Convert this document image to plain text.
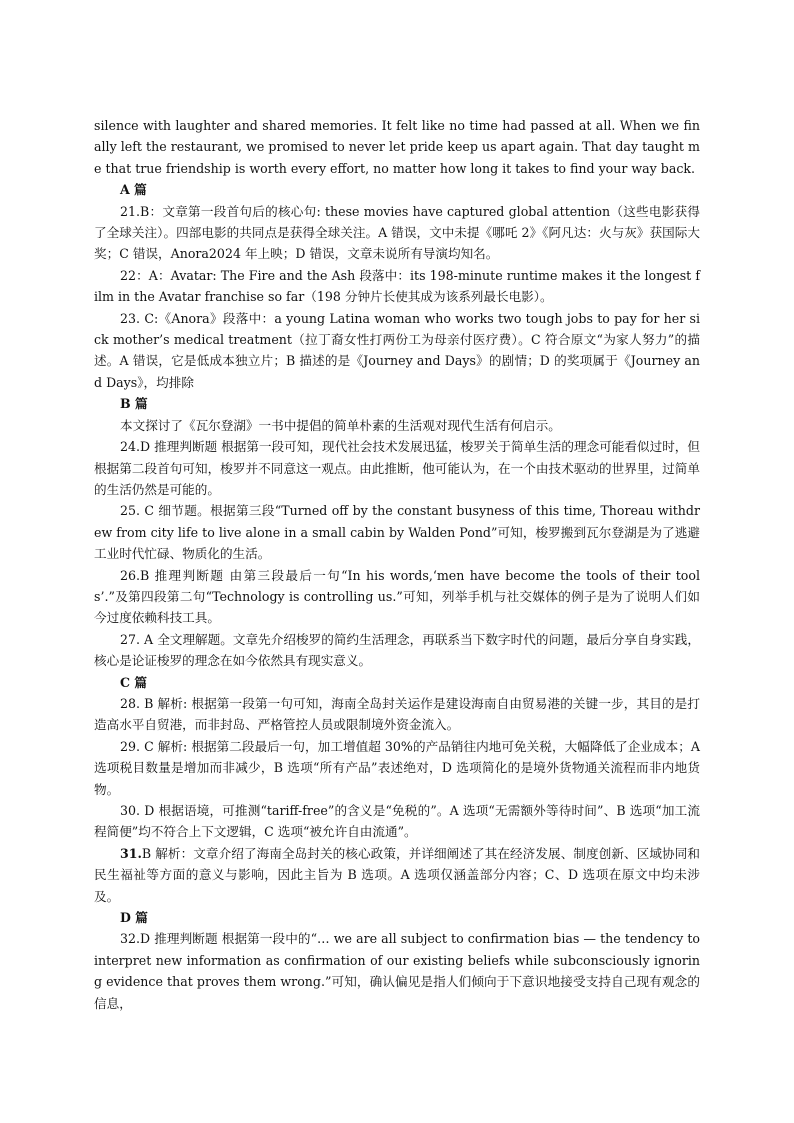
silence with laughter and shared memories. It felt like no time had passed at all. When we finally left the restaurant, we promised to never let pride keep us apart again. That day taught me that true friendship is worth every effort, no matter how long it takes to find your way back.

A 篇

21.B：文章第一段首句后的核心句: these movies have captured global attention（这些电影获得了全球关注）。四部电影的共同点是获得全球关注。A 错误，文中未提《哪吒 2》《阿凡达：火与灰》获国际大奖；C 错误，Anora2024 年上映；D 错误，文章未说所有导演均知名。

22：A：Avatar: The Fire and the Ash 段落中：its 198-minute runtime makes it the longest film in the Avatar franchise so far（198 分钟片长使其成为该系列最长电影）。

23. C:《Anora》段落中：a young Latina woman who works two tough jobs to pay for her sick mother’s medical treatment（拉丁裔女性打两份工为母亲付医疗费）。C 符合原文“为家人努力”的描述。A 错误，它是低成本独立片；B 描述的是《Journey and Days》的剧情；D 的奖项属于《Journey and Days》，均排除

B 篇

本文探讨了《瓦尔登湖》一书中提倡的简单朴素的生活观对现代生活有何启示。

24.D 推理判断题 根据第一段可知，现代社会技术发展迅猛，梭罗关于简单生活的理念可能看似过时，但根据第二段首句可知，梭罗并不同意这一观点。由此推断，他可能认为，在一个由技术驱动的世界里，过简单的生活仍然是可能的。

25. C 细节题。根据第三段“Turned off by the constant busyness of this time, Thoreau withdrew from city life to live alone in a small cabin by Walden Pond”可知，梭罗搬到瓦尔登湖是为了逃避工业时代忙碌、物质化的生活。

26.B 推理判断题 由第三段最后一句“In his words,‘men have become the tools of their tools’.”及第四段第二句“Technology is controlling us.”可知，列举手机与社交媒体的例子是为了说明人们如今过度依赖科技工具。

27. A 全文理解题。文章先介绍梭罗的简约生活理念，再联系当下数字时代的问题，最后分享自身实践，核心是论证梭罗的理念在如今依然具有现实意义。

C 篇

28. B 解析: 根据第一段第一句可知，海南全岛封关运作是建设海南自由贸易港的关键一步，其目的是打造高水平自贸港，而非封岛、严格管控人员或限制境外资金流入。

29. C 解析: 根据第二段最后一句，加工增值超 30%的产品销往内地可免关税，大幅降低了企业成本；A 选项税目数量是增加而非减少，B 选项“所有产品”表述绝对，D 选项简化的是境外货物通关流程而非内地货物。

30. D 根据语境，可推测“tariff-free”的含义是“免税的”。A 选项“无需额外等待时间”、B 选项“加工流程简便”均不符合上下文逻辑，C 选项“被允许自由流通”。

31.B 解析：文章介绍了海南全岛封关的核心政策，并详细阐述了其在经济发展、制度创新、区域协同和民生福祉等方面的意义与影响，因此主旨为 B 选项。A 选项仅涵盖部分内容；C、D 选项在原文中均未涉及。

D 篇

32.D 推理判断题 根据第一段中的“… we are all subject to confirmation bias — the tendency to interpret new information as confirmation of our existing beliefs while subconsciously ignoring evidence that proves them wrong.”可知，确认偏见是指人们倾向于下意识地接受支持自己现有观念的信息，
